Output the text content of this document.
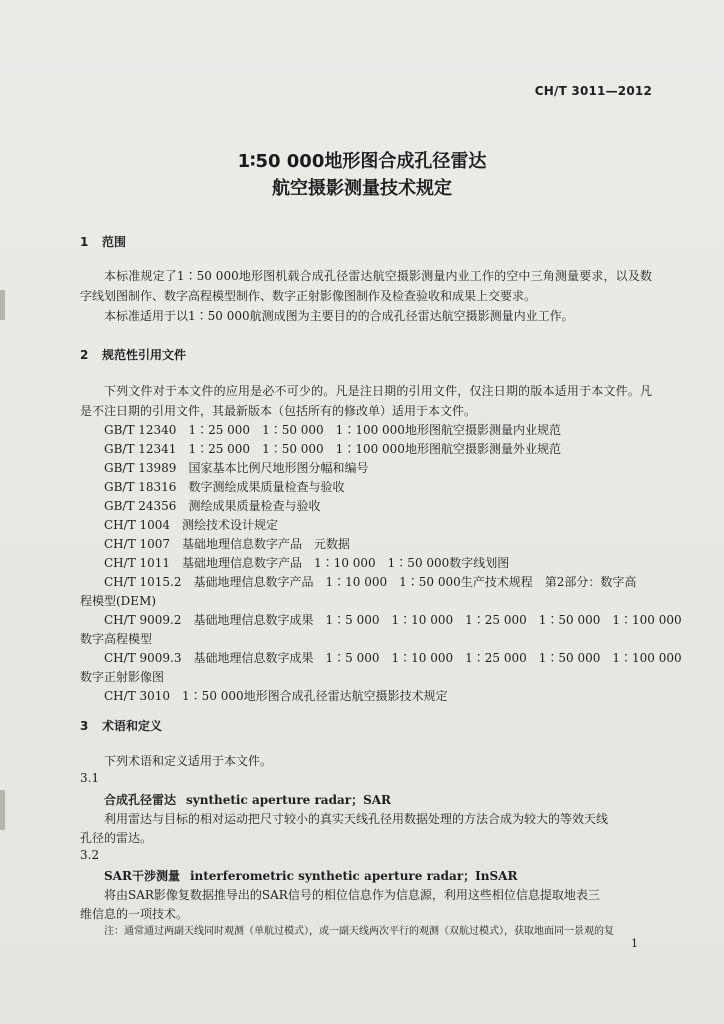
CH/T 3011—2012
1∶50 000地形图合成孔径雷达
航空摄影测量技术规定
1 范围
本标准规定了1∶50 000地形图机载合成孔径雷达航空摄影测量内业工作的空中三角测量要求，以及数字线划图制作、数字高程模型制作、数字正射影像图制作及检查验收和成果上交要求。
本标准适用于以1∶50 000航测成图为主要目的的合成孔径雷达航空摄影测量内业工作。
2 规范性引用文件
下列文件对于本文件的应用是必不可少的。凡是注日期的引用文件，仅注日期的版本适用于本文件。凡是不注日期的引用文件，其最新版本（包括所有的修改单）适用于本文件。
GB/T 12340　1∶25 000　1∶50 000　1∶100 000地形图航空摄影测量内业规范
GB/T 12341　1∶25 000　1∶50 000　1∶100 000地形图航空摄影测量外业规范
GB/T 13989　国家基本比例尺地形图分幅和编号
GB/T 18316　数字测绘成果质量检查与验收
GB/T 24356　测绘成果质量检查与验收
CH/T 1004　测绘技术设计规定
CH/T 1007　基础地理信息数字产品　元数据
CH/T 1011　基础地理信息数字产品　1∶10 000　1∶50 000数字线划图
CH/T 1015.2　基础地理信息数字产品　1∶10 000　1∶50 000生产技术规程　第2部分：数字高
程模型(DEM)
CH/T 9009.2　基础地理信息数字成果　1∶5 000　1∶10 000　1∶25 000　1∶50 000　1∶100 000
数字高程模型
CH/T 9009.3　基础地理信息数字成果　1∶5 000　1∶10 000　1∶25 000　1∶50 000　1∶100 000
数字正射影像图
CH/T 3010　1∶50 000地形图合成孔径雷达航空摄影技术规定
3 术语和定义
下列术语和定义适用于本文件。
3.1
合成孔径雷达 synthetic aperture radar；SAR
利用雷达与目标的相对运动把尺寸较小的真实天线孔径用数据处理的方法合成为较大的等效天线
孔径的雷达。
3.2
SAR干涉测量 interferometric synthetic aperture radar；InSAR
将由SAR影像复数据推导出的SAR信号的相位信息作为信息源，利用这些相位信息提取地表三
维信息的一项技术。
注：通常通过两副天线同时观测（单航过模式），或一副天线两次平行的观测（双航过模式），获取地面同一景观的复
1
